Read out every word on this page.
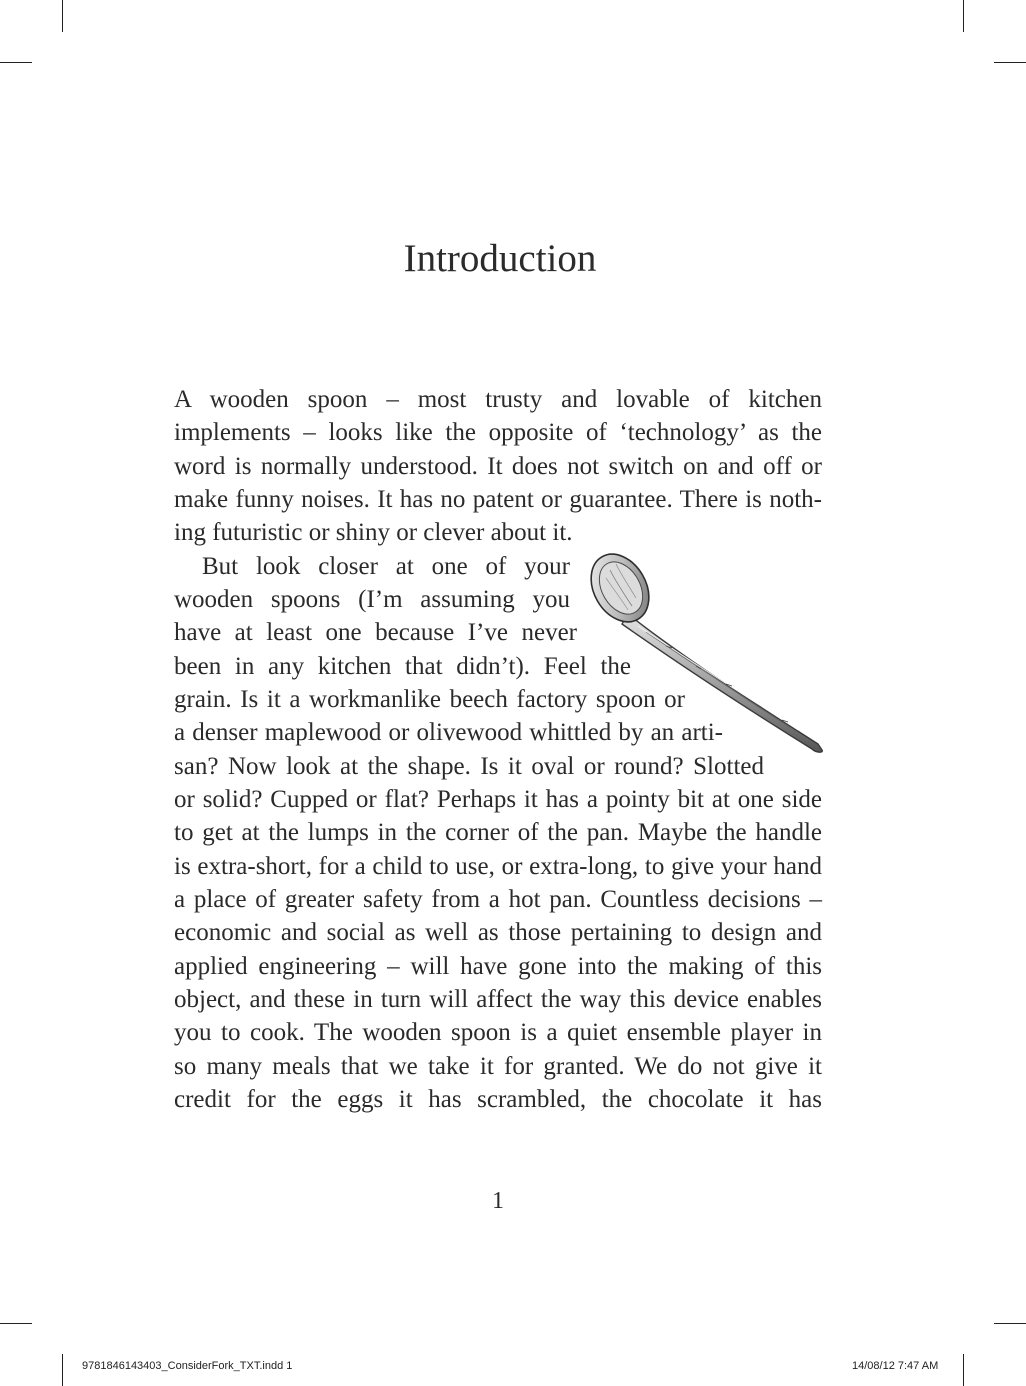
Introduction
A wooden spoon – most trusty and lovable of kitchen
implements – looks like the opposite of ‘technology’ as the
word is normally understood. It does not switch on and off or
make funny noises. It has no patent or guarantee. There is noth-
ing futuristic or shiny or clever about it.
But look closer at one of your
wooden spoons (I’m assuming you
have at least one because I’ve never
been in any kitchen that didn’t). Feel the
grain. Is it a workmanlike beech factory spoon or
a denser maplewood or olivewood whittled by an arti-
san? Now look at the shape. Is it oval or round? Slotted
or solid? Cupped or flat? Perhaps it has a pointy bit at one side
to get at the lumps in the corner of the pan. Maybe the handle
is extra-short, for a child to use, or extra-long, to give your hand
a place of greater safety from a hot pan. Countless decisions –
economic and social as well as those pertaining to design and
applied engineering – will have gone into the making of this
object, and these in turn will affect the way this device enables
you to cook. The wooden spoon is a quiet ensemble player in
so many meals that we take it for granted. We do not give it
credit for the eggs it has scrambled, the chocolate it has
1
9781846143403_ConsiderFork_TXT.indd 1	14/08/12 7:47 AM
